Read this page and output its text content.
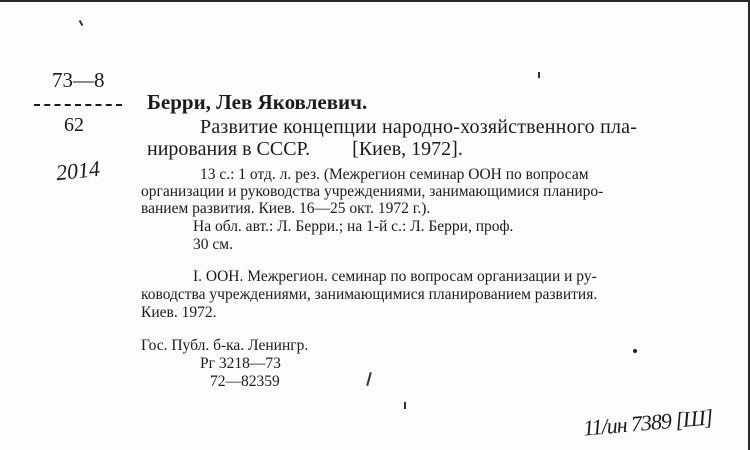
73—8
62
2014
Берри, Лев Яковлевич.
Развитие концепции народно-хозяйственного пла-
нирования в СССР. [Киев, 1972].
13 с.: 1 отд. л. рез. (Межрегион семинар ООН по вопросам
организации и руководства учреждениями, занимающимися планиро-
ванием развития. Киев. 16—25 окт. 1972 г.).
На обл. авт.: Л. Берри.; на 1-й с.: Л. Берри, проф.
30 см.
I. ООН. Межрегион. семинар по вопросам организации и ру-
ководства учреждениями, занимающимися планированием развития.
Киев. 1972.
Гос. Публ. б-ка. Ленингр.
Рг 3218—73
72—82359
11/ин 7389 [Ш]
